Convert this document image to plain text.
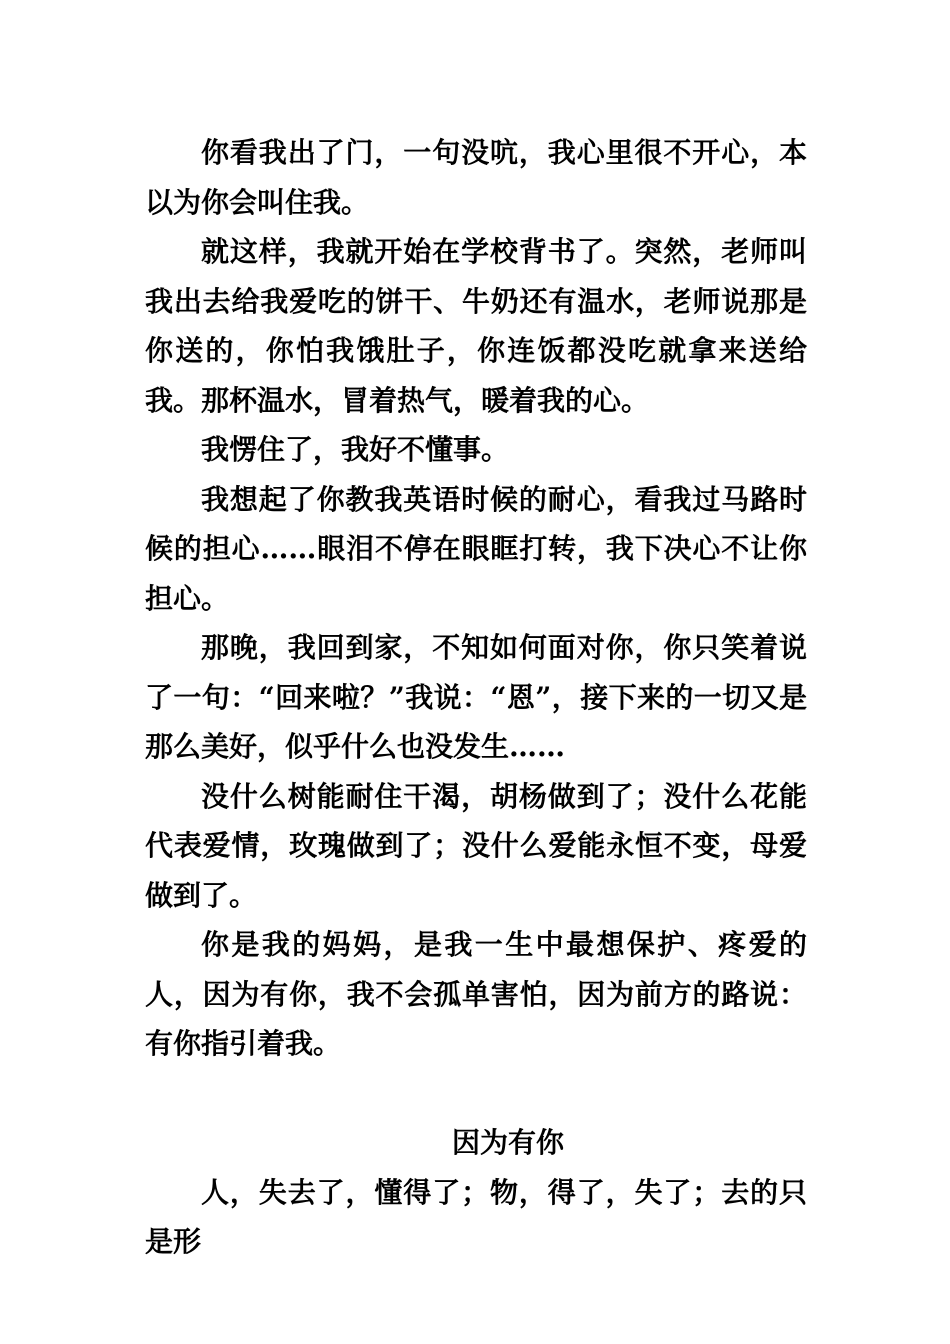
你看我出了门，一句没吭，我心里很不开心，本以为你会叫住我。

就这样，我就开始在学校背书了。突然，老师叫我出去给我爱吃的饼干、牛奶还有温水，老师说那是你送的，你怕我饿肚子，你连饭都没吃就拿来送给我。那杯温水，冒着热气，暖着我的心。

我愣住了，我好不懂事。

我想起了你教我英语时候的耐心，看我过马路时候的担心……眼泪不停在眼眶打转，我下决心不让你担心。

那晚，我回到家，不知如何面对你，你只笑着说了一句：“回来啦？”我说：“恩”，接下来的一切又是那么美好，似乎什么也没发生……

没什么树能耐住干渴，胡杨做到了；没什么花能代表爱情，玫瑰做到了；没什么爱能永恒不变，母爱做到了。

你是我的妈妈，是我一生中最想保护、疼爱的人，因为有你，我不会孤单害怕，因为前方的路说：有你指引着我。

因为有你

人，失去了，懂得了；物，得了，失了；去的只是形
